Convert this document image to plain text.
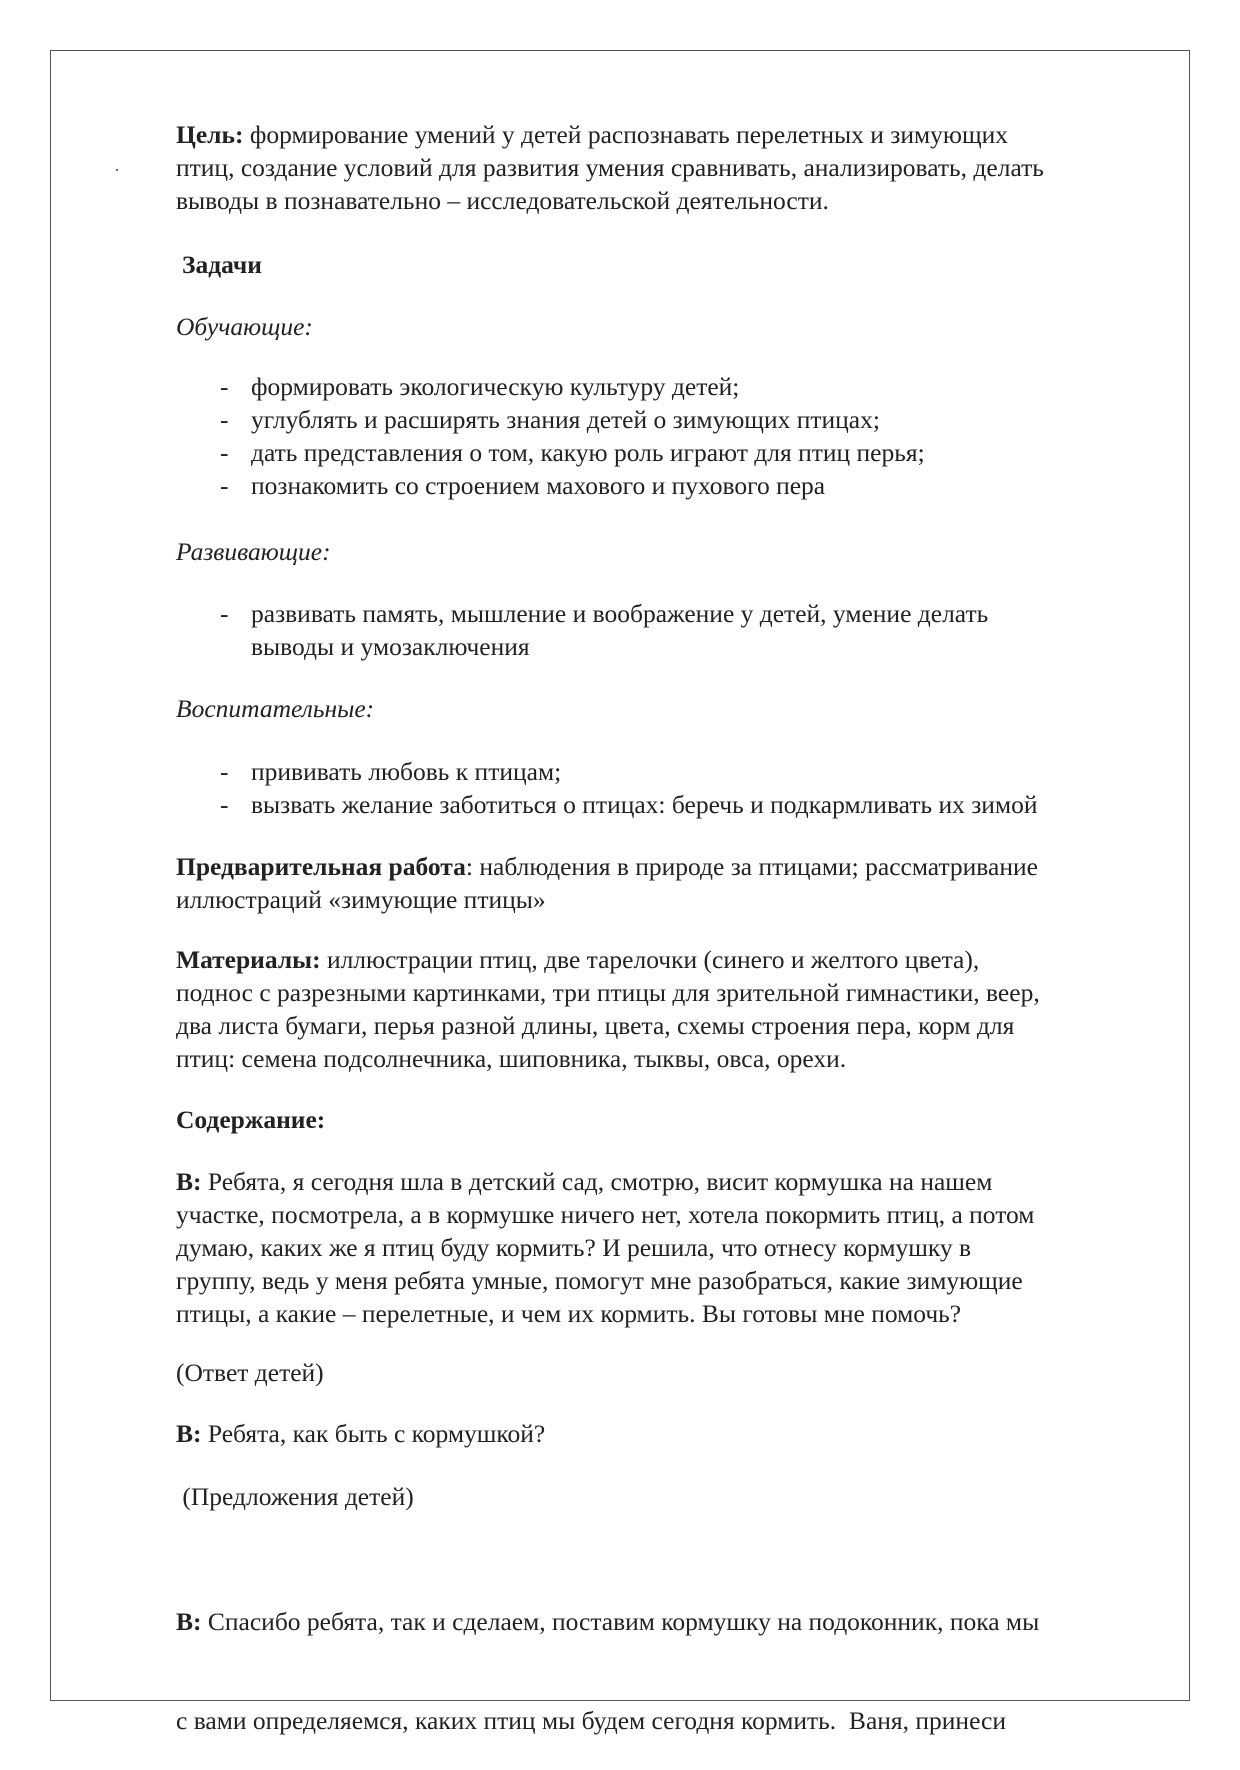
Цель: формирование умений у детей распознавать перелетных и зимующих
птиц, создание условий для развития умения сравнивать, анализировать, делать
выводы в познавательно – исследовательской деятельности.
Задачи
Обучающие:
- формировать экологическую культуру детей;
- углублять и расширять знания детей о зимующих птицах;
- дать представления о том, какую роль играют для птиц перья;
- познакомить со строением махового и пухового пера
Развивающие:
- развивать память, мышление и воображение у детей, умение делать
выводы и умозаключения
Воспитательные:
- прививать любовь к птицам;
- вызвать желание заботиться о птицах: беречь и подкармливать их зимой
Предварительная работа: наблюдения в природе за птицами; рассматривание
иллюстраций «зимующие птицы»
Материалы: иллюстрации птиц, две тарелочки (синего и желтого цвета),
поднос с разрезными картинками, три птицы для зрительной гимнастики, веер,
два листа бумаги, перья разной длины, цвета, схемы строения пера, корм для
птиц: семена подсолнечника, шиповника, тыквы, овса, орехи.
Содержание:
В: Ребята, я сегодня шла в детский сад, смотрю, висит кормушка на нашем
участке, посмотрела, а в кормушке ничего нет, хотела покормить птиц, а потом
думаю, каких же я птиц буду кормить? И решила, что отнесу кормушку в
группу, ведь у меня ребята умные, помогут мне разобраться, какие зимующие
птицы, а какие – перелетные, и чем их кормить. Вы готовы мне помочь?
(Ответ детей)
В: Ребята, как быть с кормушкой?
(Предложения детей)

В: Спасибо ребята, так и сделаем, поставим кормушку на подоконник, пока мы

с вами определяемся, каких птиц мы будем сегодня кормить.  Ваня, принеси
